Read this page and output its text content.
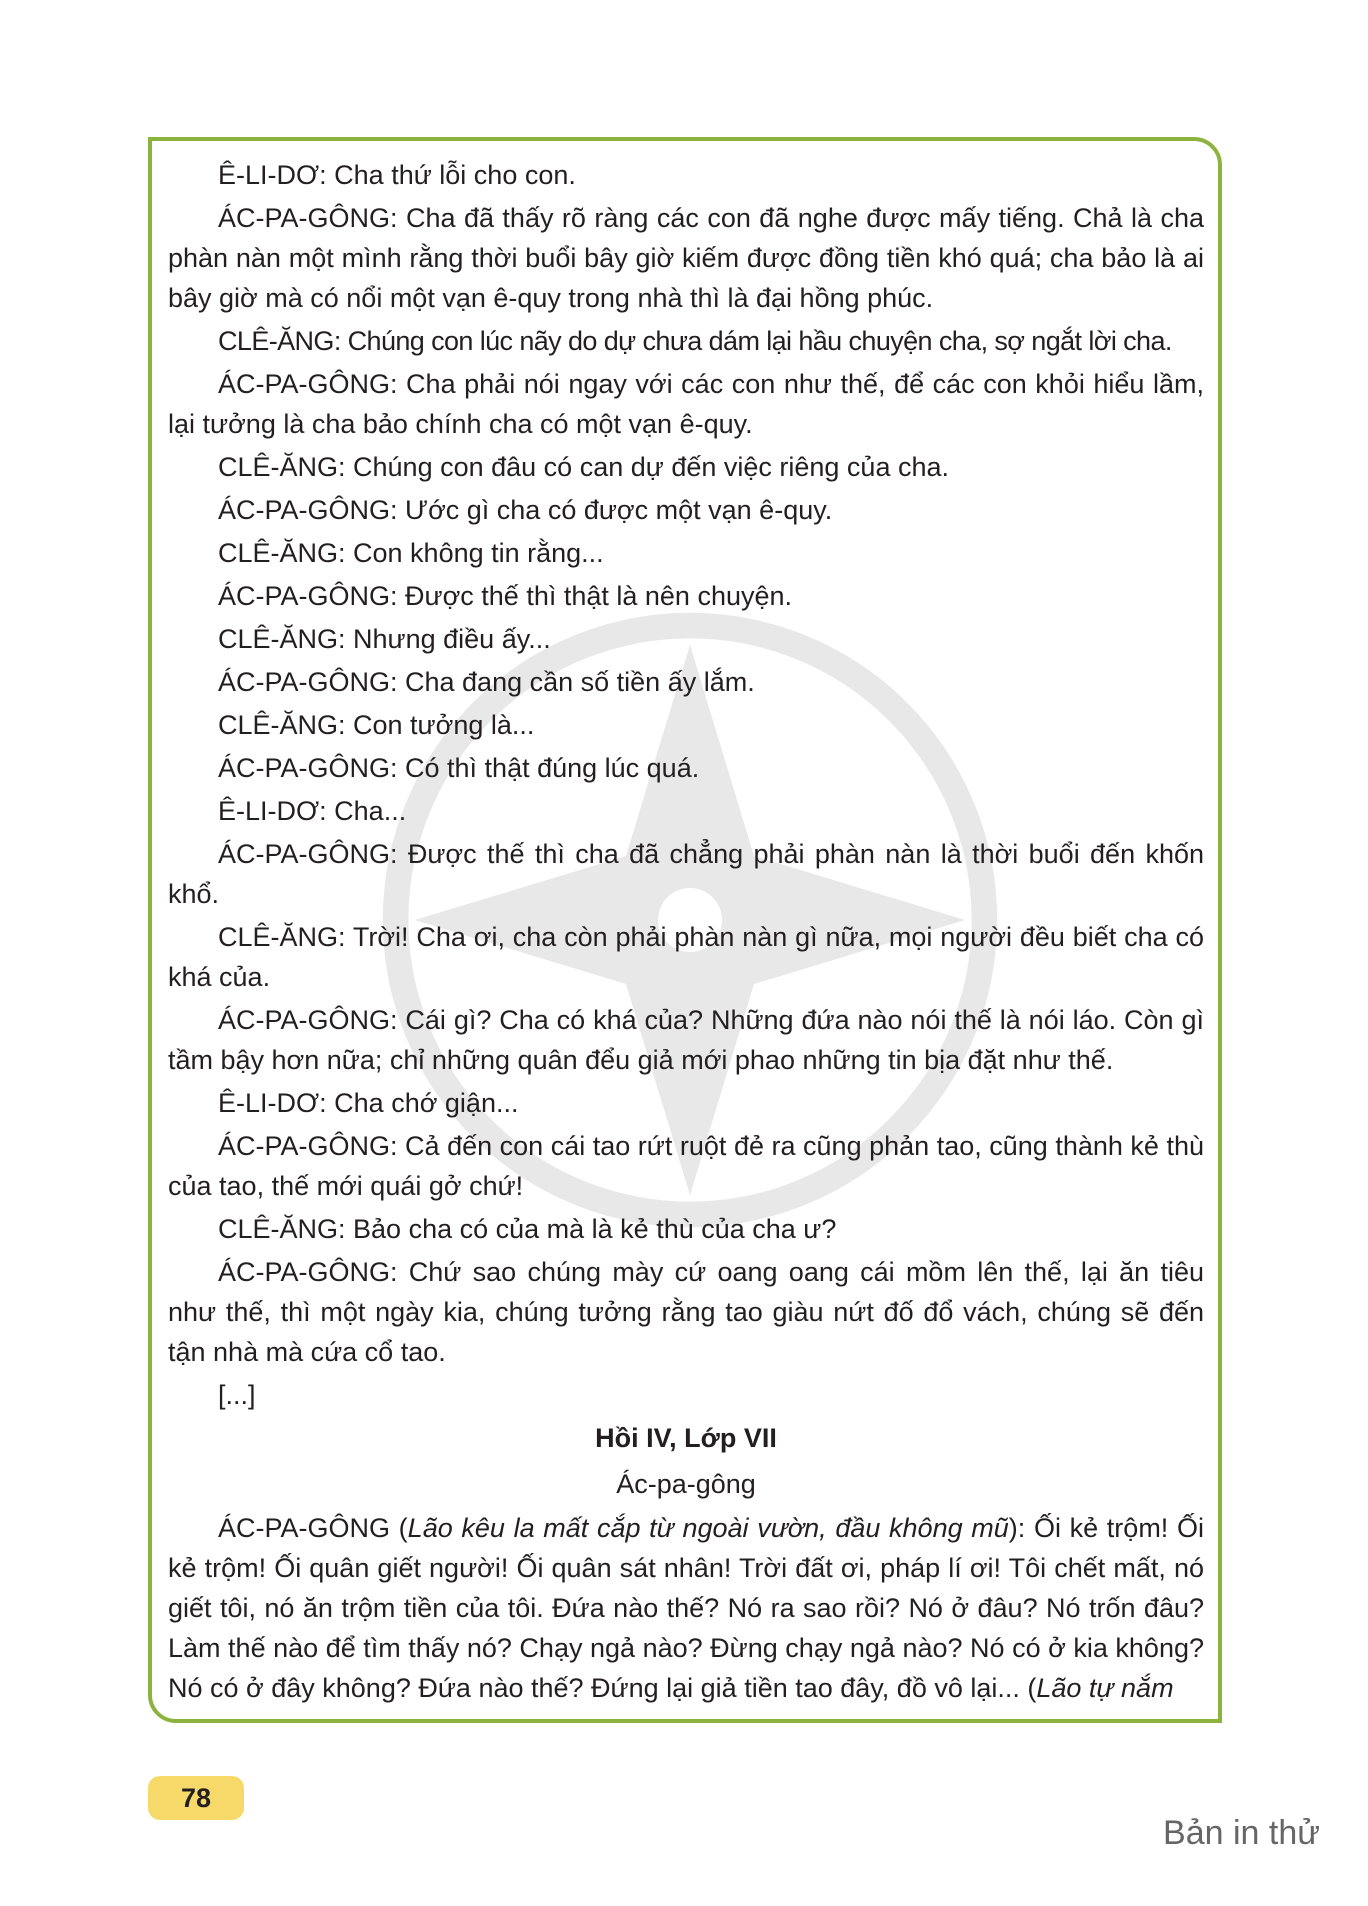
Ê-LI-DƠ: Cha thứ lỗi cho con.

ÁC-PA-GÔNG: Cha đã thấy rõ ràng các con đã nghe được mấy tiếng. Chả là cha phàn nàn một mình rằng thời buổi bây giờ kiếm được đồng tiền khó quá; cha bảo là ai bây giờ mà có nổi một vạn ê-quy trong nhà thì là đại hồng phúc.

CLÊ-ĂNG: Chúng con lúc nãy do dự chưa dám lại hầu chuyện cha, sợ ngắt lời cha.

ÁC-PA-GÔNG: Cha phải nói ngay với các con như thế, để các con khỏi hiểu lầm, lại tưởng là cha bảo chính cha có một vạn ê-quy.

CLÊ-ĂNG: Chúng con đâu có can dự đến việc riêng của cha.

ÁC-PA-GÔNG: Ước gì cha có được một vạn ê-quy.

CLÊ-ĂNG: Con không tin rằng...

ÁC-PA-GÔNG: Được thế thì thật là nên chuyện.

CLÊ-ĂNG: Nhưng điều ấy...

ÁC-PA-GÔNG: Cha đang cần số tiền ấy lắm.

CLÊ-ĂNG: Con tưởng là...

ÁC-PA-GÔNG: Có thì thật đúng lúc quá.

Ê-LI-DƠ: Cha...

ÁC-PA-GÔNG: Được thế thì cha đã chẳng phải phàn nàn là thời buổi đến khốn khổ.

CLÊ-ĂNG: Trời! Cha ơi, cha còn phải phàn nàn gì nữa, mọi người đều biết cha có khá của.

ÁC-PA-GÔNG: Cái gì? Cha có khá của? Những đứa nào nói thế là nói láo. Còn gì tầm bậy hơn nữa; chỉ những quân đểu giả mới phao những tin bịa đặt như thế.

Ê-LI-DƠ: Cha chớ giận...

ÁC-PA-GÔNG: Cả đến con cái tao rứt ruột đẻ ra cũng phản tao, cũng thành kẻ thù của tao, thế mới quái gở chứ!

CLÊ-ĂNG: Bảo cha có của mà là kẻ thù của cha ư?

ÁC-PA-GÔNG: Chứ sao chúng mày cứ oang oang cái mồm lên thế, lại ăn tiêu như thế, thì một ngày kia, chúng tưởng rằng tao giàu nứt đố đổ vách, chúng sẽ đến tận nhà mà cứa cổ tao.

[...]

Hồi IV, Lớp VII
Ác-pa-gông

ÁC-PA-GÔNG (Lão kêu la mất cắp từ ngoài vườn, đầu không mũ): Ối kẻ trộm! Ối kẻ trộm! Ối quân giết người! Ối quân sát nhân! Trời đất ơi, pháp lí ơi! Tôi chết mất, nó giết tôi, nó ăn trộm tiền của tôi. Đứa nào thế? Nó ra sao rồi? Nó ở đâu? Nó trốn đâu? Làm thế nào để tìm thấy nó? Chạy ngả nào? Đừng chạy ngả nào? Nó có ở kia không? Nó có ở đây không? Đứa nào thế? Đứng lại giả tiền tao đây, đồ vô lại... (Lão tự nắm

78
Bản in thử
